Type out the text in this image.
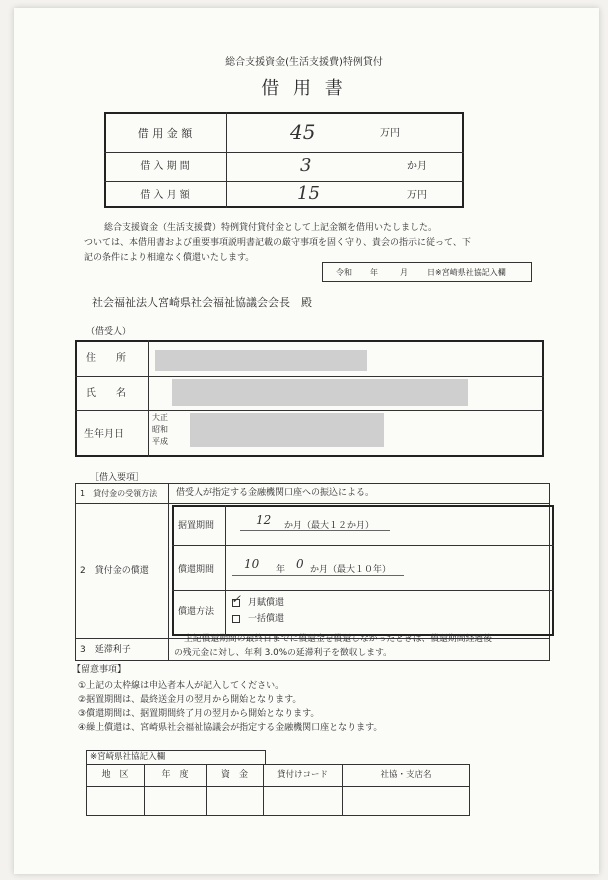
総合支援資金(生活支援費)特例貸付
借 用 書
借 用 金 額	45	万円
借 入 期 間	3	か月
借 入 月 額	15	万円
総合支援資金（生活支援費）特例貸付貸付金として上記金額を借用いたしました。
ついては、本借用書および重要事項説明書記載の厳守事項を固く守り、貴会の指示に従って、下
記の条件により相違なく償還いたします。
令和 年	月 日※宮崎県社協記入欄
社会福祉法人宮崎県社会福祉協議会会長　殿
（借受人）
住　　所
氏　　名
生年月日
大正
昭和
平成
［借入要項］
1　貸付金の受領方法 借受人が指定する金融機関口座への振込による。
2　貸付金の償還
据置期間	12 か月（最大１２か月）
償還期間 10 年 0 か月（最大１０年）
償還方法
✓ 月賦償還
一括償還
3　延滞利子
上記償還期間の最終日までに償還金を償還しなかったときは、償還期間経過後
の残元金に対し、年利 3.0%の延滞利子を徴収します。
【留意事項】
①上記の太枠線は申込者本人が記入してください。
②据置期間は、最終送金月の翌月から開始となります。
③償還期間は、据置期間終了月の翌月から開始となります。
④繰上償還は、宮崎県社会福祉協議会が指定する金融機関口座となります。
※宮崎県社協記入欄
地　区	年　度	資　金	貸付けコード	社協・支店名
